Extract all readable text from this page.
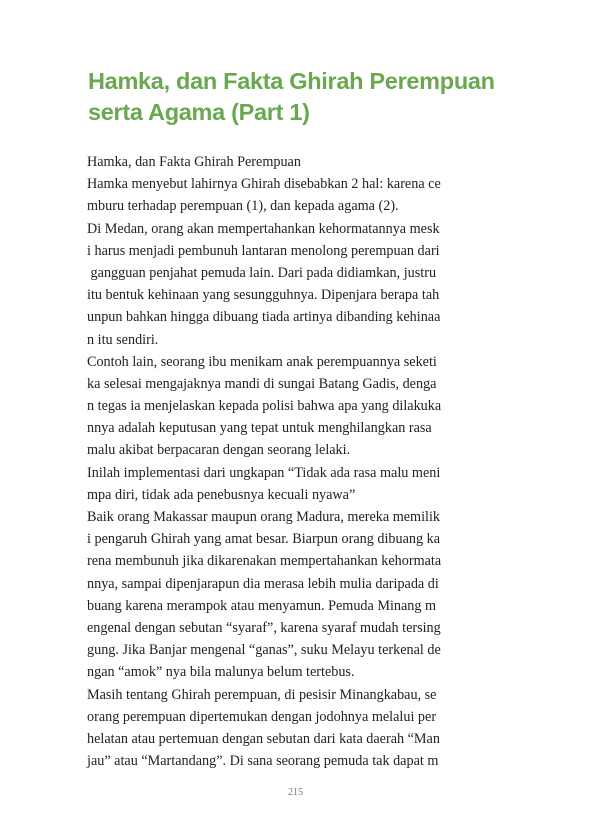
Hamka, dan Fakta Ghirah Perempuan
serta Agama (Part 1)
Hamka, dan Fakta Ghirah Perempuan
Hamka menyebut lahirnya Ghirah disebabkan 2 hal: karena ce
mburu terhadap perempuan (1), dan kepada agama (2).
Di Medan, orang akan mempertahankan kehormatannya mesk
i harus menjadi pembunuh lantaran menolong perempuan dari
gangguan penjahat pemuda lain. Dari pada didiamkan, justru
itu bentuk kehinaan yang sesungguhnya. Dipenjara berapa tah
unpun bahkan hingga dibuang tiada artinya dibanding kehinaa
n itu sendiri.
Contoh lain, seorang ibu menikam anak perempuannya seketi
ka selesai mengajaknya mandi di sungai Batang Gadis, denga
n tegas ia menjelaskan kepada polisi bahwa apa yang dilakuka
nnya adalah keputusan yang tepat untuk menghilangkan rasa
malu akibat berpacaran dengan seorang lelaki.
Inilah implementasi dari ungkapan “Tidak ada rasa malu meni
mpa diri, tidak ada penebusnya kecuali nyawa”
Baik orang Makassar maupun orang Madura, mereka memilik
i pengaruh Ghirah yang amat besar. Biarpun orang dibuang ka
rena membunuh jika dikarenakan mempertahankan kehormata
nnya, sampai dipenjarapun dia merasa lebih mulia daripada di
buang karena merampok atau menyamun. Pemuda Minang m
engenal dengan sebutan “syaraf”, karena syaraf mudah tersing
gung. Jika Banjar mengenal “ganas”, suku Melayu terkenal de
ngan “amok” nya bila malunya belum tertebus.
Masih tentang Ghirah perempuan, di pesisir Minangkabau, se
orang perempuan dipertemukan dengan jodohnya melalui per
helatan atau pertemuan dengan sebutan dari kata daerah “Man
jau” atau “Martandang”. Di sana seorang pemuda tak dapat m
215
